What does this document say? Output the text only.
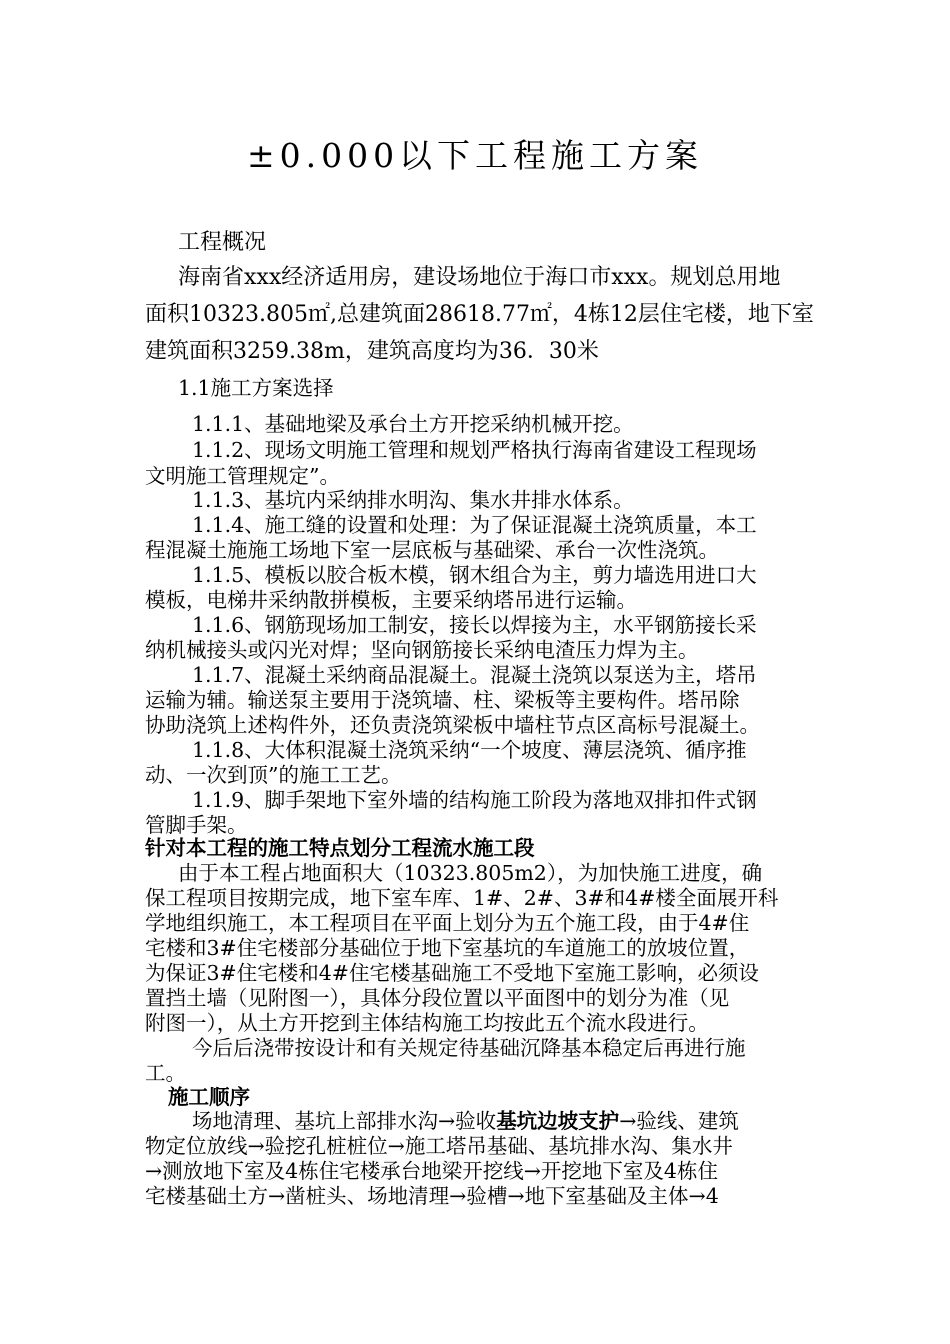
±0.000以下工程施工方案
工程概况
海南省xxx经济适用房，建设场地位于海口市xxx。规划总用地
面积10323.805㎡,总建筑面28618.77㎡，4栋12层住宅楼，地下室
建筑面积3259.38m，建筑高度均为36．30米
1.1施工方案选择
1.1.1、基础地梁及承台土方开挖采纳机械开挖。
1.1.2、现场文明施工管理和规划严格执行海南省建设工程现场
文明施工管理规定”。
1.1.3、基坑内采纳排水明沟、集水井排水体系。
1.1.4、施工缝的设置和处理：为了保证混凝土浇筑质量，本工
程混凝土施施工场地下室一层底板与基础梁、承台一次性浇筑。
1.1.5、模板以胶合板木模，钢木组合为主，剪力墙选用进口大
模板，电梯井采纳散拼模板，主要采纳塔吊进行运输。
1.1.6、钢筋现场加工制安，接长以焊接为主，水平钢筋接长采
纳机械接头或闪光对焊；坚向钢筋接长采纳电渣压力焊为主。
1.1.7、混凝土采纳商品混凝土。混凝土浇筑以泵送为主，塔吊
运输为辅。输送泵主要用于浇筑墙、柱、梁板等主要构件。塔吊除
协助浇筑上述构件外，还负责浇筑梁板中墙柱节点区高标号混凝土。
1.1.8、大体积混凝土浇筑采纳“一个坡度、薄层浇筑、循序推
动、一次到顶”的施工工艺。
1.1.9、脚手架地下室外墙的结构施工阶段为落地双排扣件式钢
管脚手架。
针对本工程的施工特点划分工程流水施工段
由于本工程占地面积大（10323.805m2），为加快施工进度，确
保工程项目按期完成，地下室车库、1#、2#、3#和4#楼全面展开科
学地组织施工，本工程项目在平面上划分为五个施工段，由于4#住
宅楼和3#住宅楼部分基础位于地下室基坑的车道施工的放坡位置，
为保证3#住宅楼和4#住宅楼基础施工不受地下室施工影响，必须设
置挡土墙（见附图一），具体分段位置以平面图中的划分为准（见
附图一），从土方开挖到主体结构施工均按此五个流水段进行。
今后后浇带按设计和有关规定待基础沉降基本稳定后再进行施
工。
施工顺序
场地清理、基坑上部排水沟→验收基坑边坡支护→验线、建筑
物定位放线→验挖孔桩桩位→施工塔吊基础、基坑排水沟、集水井
→测放地下室及4栋住宅楼承台地梁开挖线→开挖地下室及4栋住
宅楼基础土方→凿桩头、场地清理→验槽→地下室基础及主体→4
